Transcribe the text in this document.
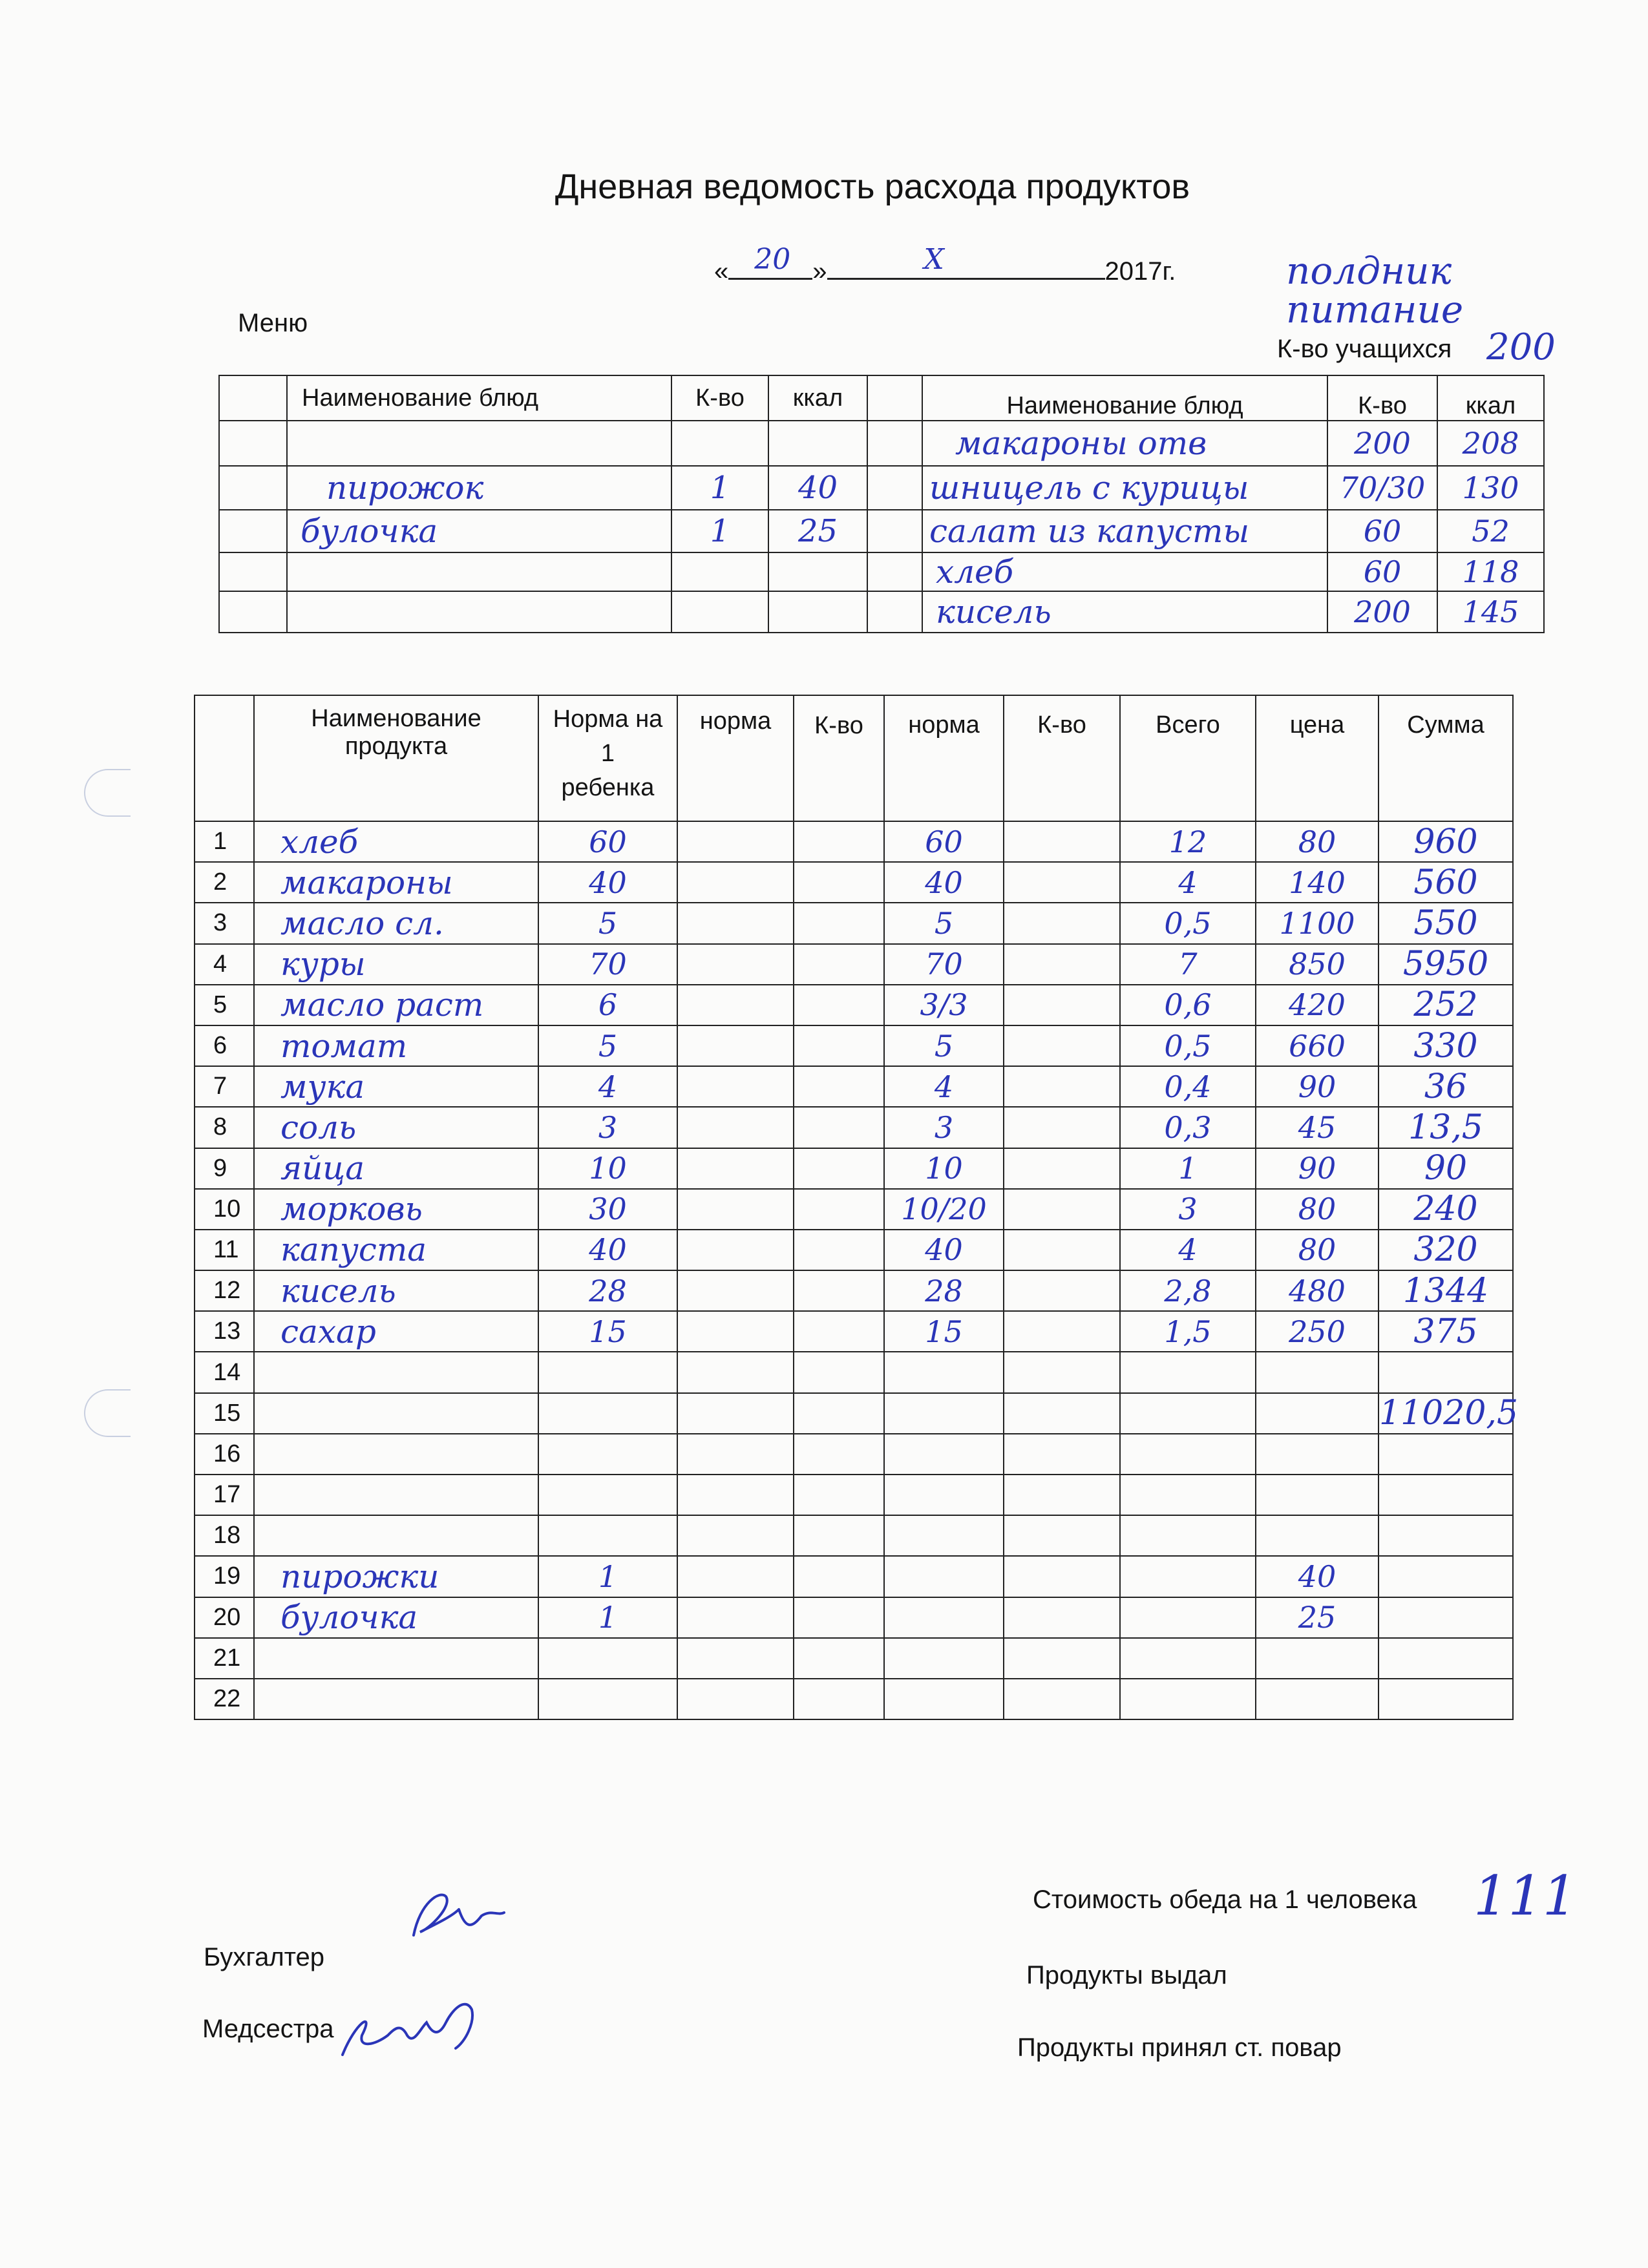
Дневная ведомость расхода продуктов
« 20 »	X	2017г.	полдник
питание
Меню
К-во учащихся 200
	Наименование блюд	К-во	ккал		Наименование блюд	К-во	ккал
					макароны отв	200	208
	пирожок	1	40		шницель с курицы	70/30	130
	булочка	1	25		салат из капусты	60	52
					хлеб	60	118
					кисель	200	145
	Наименование продукта	Норма на 1 ребенка	норма	К-во	норма	К-во	Всего	цена	Сумма
1	хлеб	60			60		12	80	960
2	макароны	40			40		4	140	560
3	масло сл.	5			5		0,5	1100	550
4	куры	70			70		7	850	5950
5	масло раст	6			3/3		0,6	420	252
6	томат	5			5		0,5	660	330
7	мука	4			4		0,4	90	36
8	соль	3			3		0,3	45	13,5
9	яйца	10			10		1	90	90
10	морковь	30			10/20		3	80	240
11	капуста	40			40		4	80	320
12	кисель	28			28		2,8	480	1344
13	сахар	15			15		1,5	250	375
14									
15									11020,5
16									
17									
18									
19	пирожки	1						40	
20	булочка	1						25	
21									
22									
Стоимость обеда на 1 человека 111
Бухгалтер
Продукты выдал
Медсестра
Продукты принял ст. повар
